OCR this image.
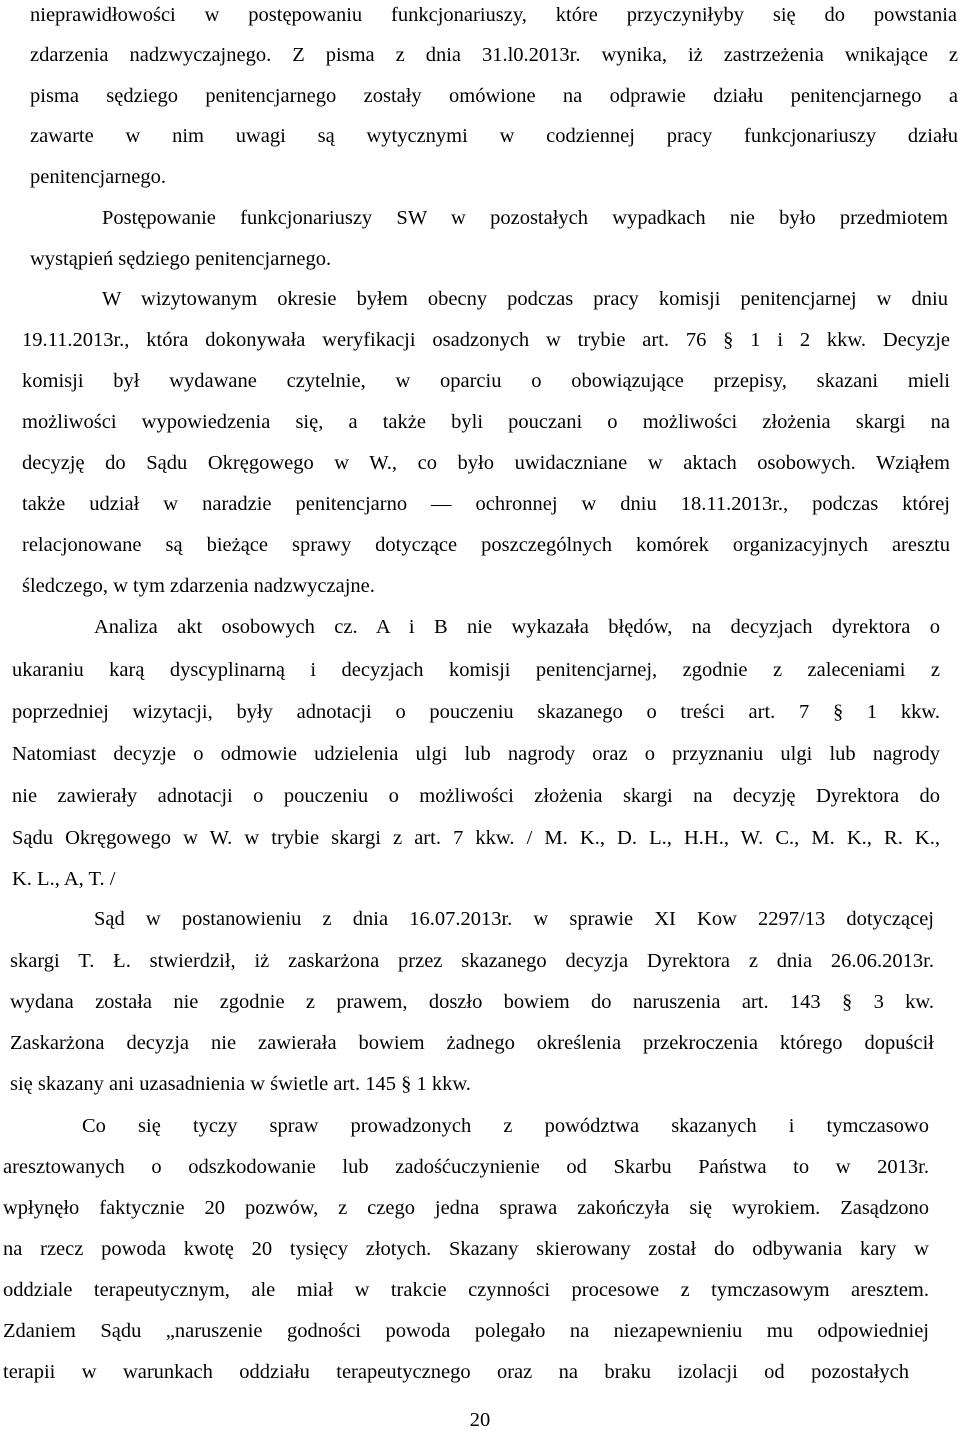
nieprawidłowości w postępowaniu funkcjonariuszy, które przyczyniłyby się do powstania
zdarzenia nadzwyczajnego. Z pisma z dnia 31.l0.2013r. wynika, iż zastrzeżenia wnikające z
pisma sędziego penitencjarnego zostały omówione na odprawie działu penitencjarnego a
zawarte w nim uwagi są wytycznymi w codziennej pracy funkcjonariuszy działu
penitencjarnego.
Postępowanie funkcjonariuszy SW w pozostałych wypadkach nie było przedmiotem
wystąpień sędziego penitencjarnego.
W wizytowanym okresie byłem obecny podczas pracy komisji penitencjarnej w dniu
19.11.2013r., która dokonywała weryfikacji osadzonych w trybie art. 76 § 1 i 2 kkw. Decyzje
komisji był wydawane czytelnie, w oparciu o obowiązujące przepisy, skazani mieli
możliwości wypowiedzenia się, a także byli pouczani o możliwości złożenia skargi na
decyzję do Sądu Okręgowego w W., co było uwidaczniane w aktach osobowych. Wziąłem
także udział w naradzie penitencjarno — ochronnej w dniu 18.11.2013r., podczas której
relacjonowane są bieżące sprawy dotyczące poszczególnych komórek organizacyjnych aresztu
śledczego, w tym zdarzenia nadzwyczajne.
Analiza akt osobowych cz. A i B nie wykazała błędów, na decyzjach dyrektora o
ukaraniu karą dyscyplinarną i decyzjach komisji penitencjarnej, zgodnie z zaleceniami z
poprzedniej wizytacji, były adnotacji o pouczeniu skazanego o treści art. 7 § 1 kkw.
Natomiast decyzje o odmowie udzielenia ulgi lub nagrody oraz o przyznaniu ulgi lub nagrody
nie zawierały adnotacji o pouczeniu o możliwości złożenia skargi na decyzję Dyrektora do
Sądu Okręgowego w W. w trybie skargi z art. 7 kkw. / M. K., D. L., H.H., W. C., M. K., R. K.,
K. L., A, T. /
Sąd w postanowieniu z dnia 16.07.2013r. w sprawie XI Kow 2297/13 dotyczącej
skargi T. Ł. stwierdził, iż zaskarżona przez skazanego decyzja Dyrektora z dnia 26.06.2013r.
wydana została nie zgodnie z prawem, doszło bowiem do naruszenia art. 143 § 3 kw.
Zaskarżona decyzja nie zawierała bowiem żadnego określenia przekroczenia którego dopuścił
się skazany ani uzasadnienia w świetle art. 145 § 1 kkw.
Co się tyczy spraw prowadzonych z powództwa skazanych i tymczasowo
aresztowanych o odszkodowanie lub zadośćuczynienie od Skarbu Państwa to w 2013r.
wpłynęło faktycznie 20 pozwów, z czego jedna sprawa zakończyła się wyrokiem. Zasądzono
na rzecz powoda kwotę 20 tysięcy złotych. Skazany skierowany został do odbywania kary w
oddziale terapeutycznym, ale miał w trakcie czynności procesowe z tymczasowym aresztem.
Zdaniem Sądu „naruszenie godności powoda polegało na niezapewnieniu mu odpowiedniej
terapii w warunkach oddziału terapeutycznego oraz na braku izolacji od pozostałych
20
